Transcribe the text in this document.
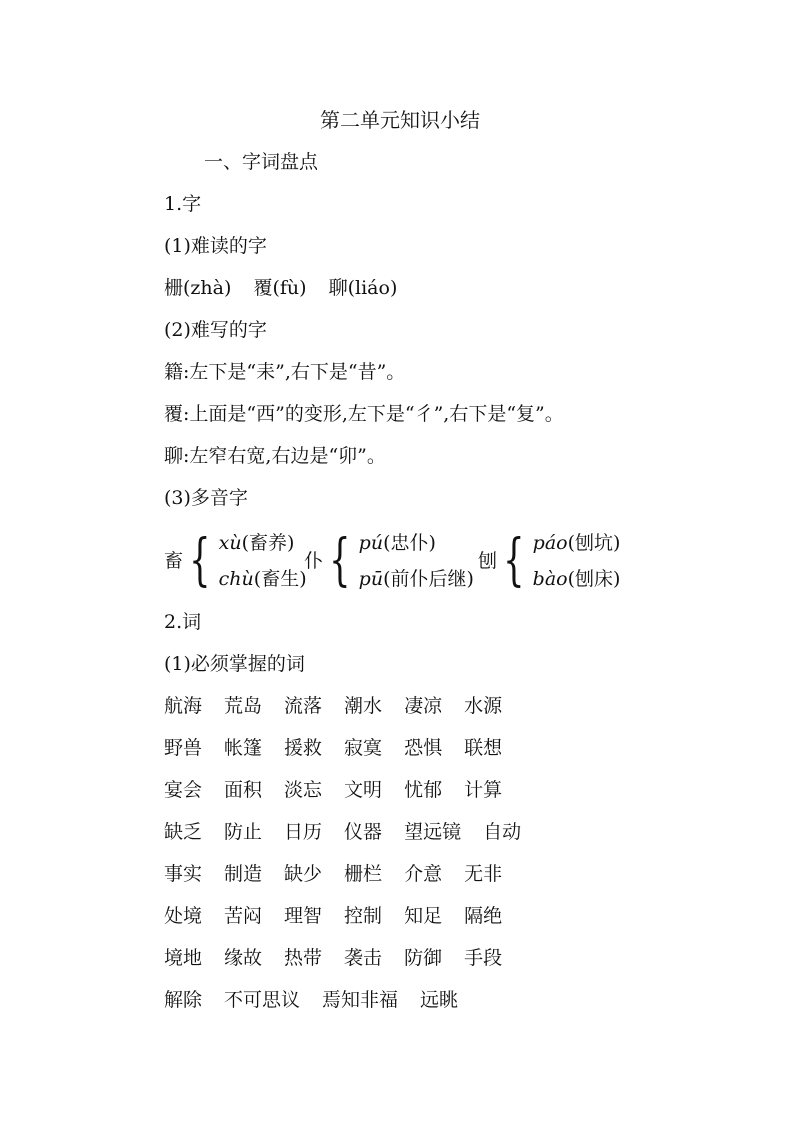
第二单元知识小结
一、字词盘点
1.字
(1)难读的字
栅(zhà) 覆(fù) 聊(liáo)
(2)难写的字
籍:左下是“耒”,右下是“昔”。
覆:上面是“西”的变形,左下是“彳”,右下是“复”。
聊:左窄右宽,右边是“卯”。
(3)多音字
畜 { xù(畜养)
chù(畜生)
仆 { pú(忠仆)
pū(前仆后继)
刨 { páo(刨坑)
bào(刨床)
2.词
(1)必须掌握的词
航海 荒岛 流落 潮水 凄凉 水源
野兽 帐篷 援救 寂寞 恐惧 联想
宴会 面积 淡忘 文明 忧郁 计算
缺乏 防止 日历 仪器 望远镜 自动
事实 制造 缺少 栅栏 介意 无非
处境 苦闷 理智 控制 知足 隔绝
境地 缘故 热带 袭击 防御 手段
解除 不可思议 焉知非福 远眺
